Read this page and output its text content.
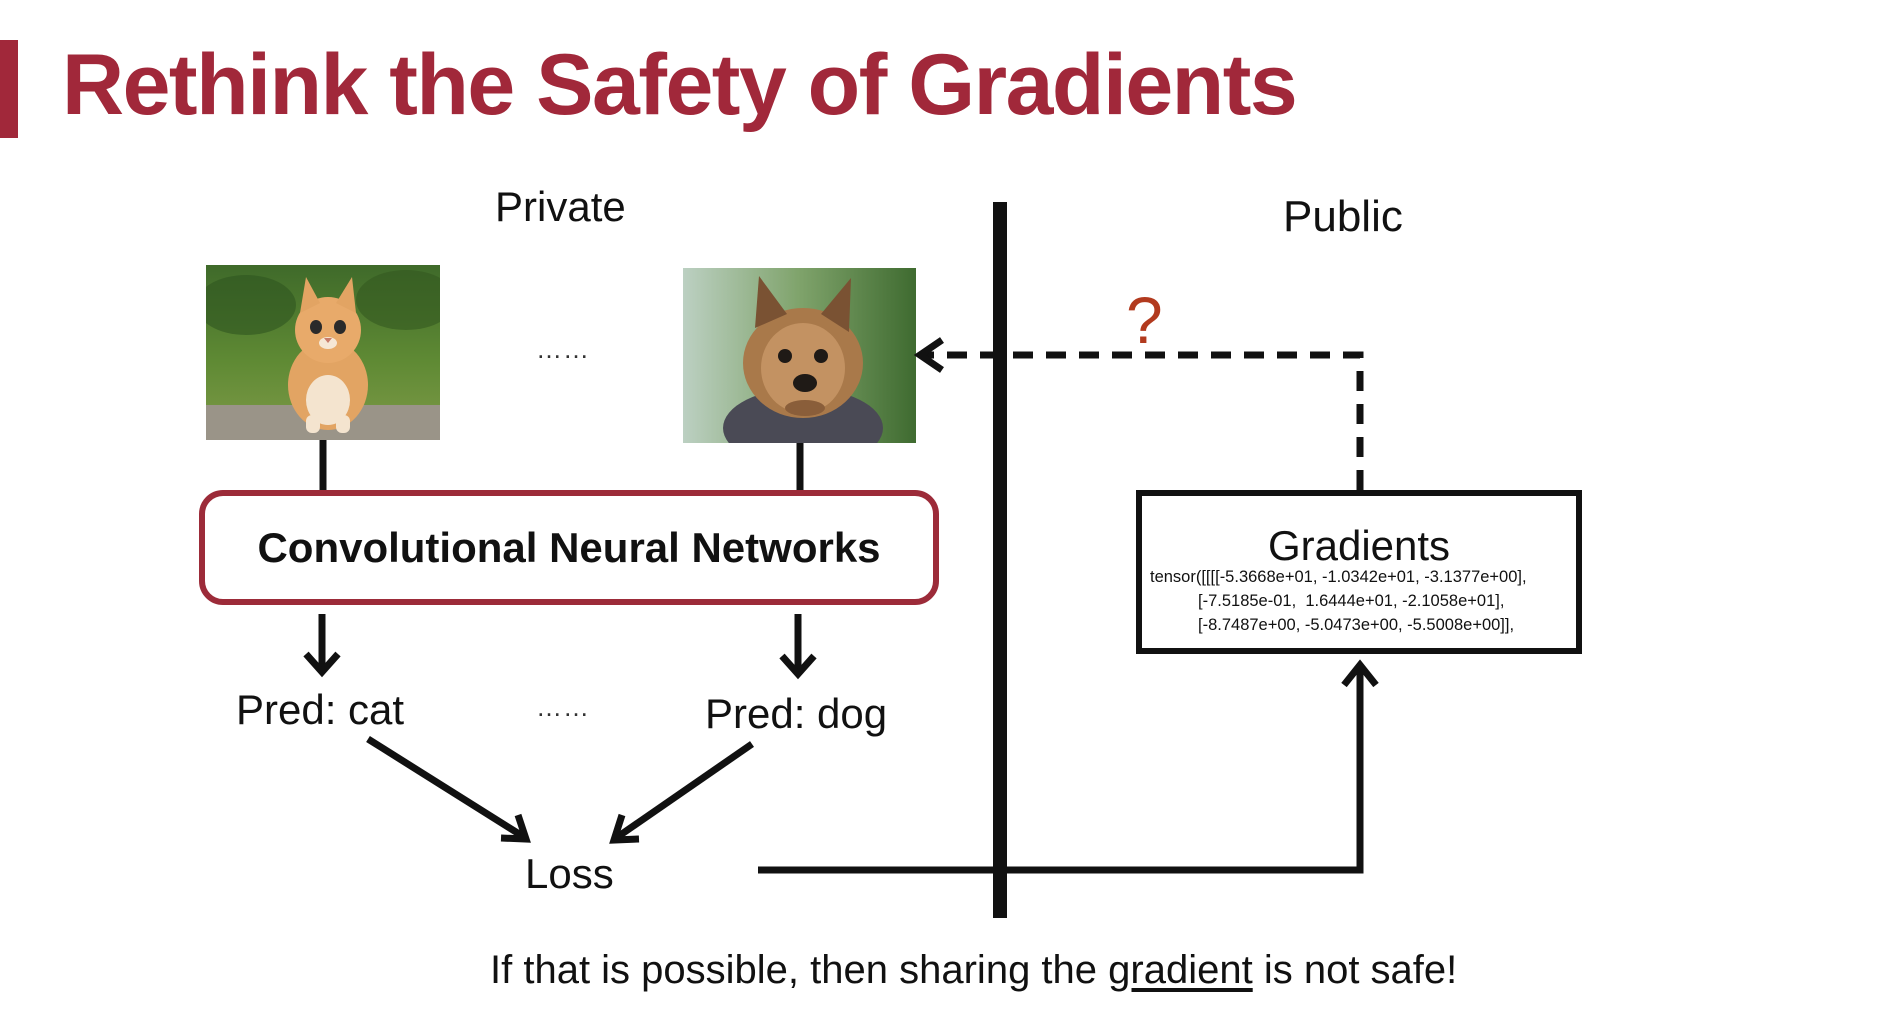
Rethink the Safety of Gradients
Private	Public
……
……
?
Convolutional Neural Networks
Pred: cat	Pred: dog
Loss
Gradients
tensor([[[[-5.3668e+01, -1.0342e+01, -3.1377e+00],
[-7.5185e-01,  1.6444e+01, -2.1058e+01],
[-8.7487e+00, -5.0473e+00, -5.5008e+00]],
If that is possible, then sharing the gradient is not safe!
